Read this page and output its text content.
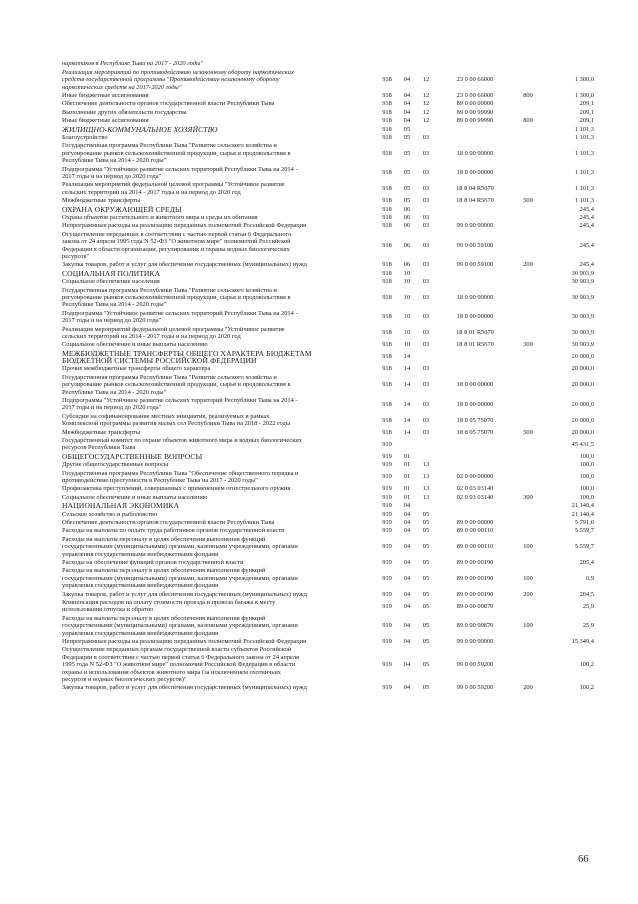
наркотиков в Республике Тыва на 2017 - 2020 годы"
Реализация мероприятий по противодействию незаконному обороту наркотических
средств государственной программы "Противодействие незаконному обороту
наркотических средств на 2017-2020 годы"
918	04	12	23 0 00 66000	1 300,0
Иные бюджетные ассигнования	918	04	12	23 0 00 66000	800	1 300,0
Обеспечение деятельности органов государственной власти Республики Тыва	918	04	12	89 0 00 00000	209,1
Выполнение других обязательств государства	918	04	12	89 0 00 99990	209,1
Иные бюджетные ассигнования	918	04	12	89 0 00 99990	800	209,1
ЖИЛИЩНО-КОММУНАЛЬНОЕ ХОЗЯЙСТВО	918	05	1 101,3
Благоустройство	918	05	03	1 101,3
Государственная программа Республики Тыва "Развитие сельского хозяйства и
регулирование рынков сельскохозяйственной продукции, сырья и продовольствия в
Республике Тыва на 2014 - 2020 годы"
918	05	03	18 0 00 00000	1 101,3
Подпрограмма "Устойчивое развитие сельских территорий Республики Тыва на 2014 -
2017 годы и на период до 2020 года"
918	05	03	18 8 00 00000	1 101,3
Реализация мероприятий федеральной целевой программы "Устойчивое развитие
сельских территорий на 2014 - 2017 годы и на период до 2020 год
918	05	03	18 8 04 R5670	1 101,3
Межбюджетные трансферты	918	05	03	18 8 04 R5670	500	1 101,3
ОХРАНА ОКРУЖАЮЩЕЙ СРЕДЫ	918	06	245,4
Охрана объектов растительного и животного мира и среды их обитания	918	06	03	245,4
Непрограммные расходы на реализацию переданных полномочий Российской Федерации	918	06	03	99 0 00 00000	245,4
Осуществление переданных в соответствии с частью первой статьи 6 Федерального
закона от 24 апреля 1995 года N 52-ФЗ "О животном мире" полномочий Российской
Федерации в области организации, регулирования и охраны водных биологических
ресурсов"
918	06	03	99 0 00 59100	245,4
Закупка товаров, работ и услуг для обеспечения государственных (муниципальных) нужд	918	06	03	99 0 00 59100	200	245,4
СОЦИАЛЬНАЯ ПОЛИТИКА	918	10	30 903,9
Социальное обеспечение населения	918	10	03	30 903,9
Государственная программа Республики Тыва "Развитие сельского хозяйства и
регулирование рынков сельскохозяйственной продукции, сырья и продовольствия в
Республике Тыва на 2014 - 2020 годы"
918	10	03	18 0 00 00000	30 903,9
Подпрограмма "Устойчивое развитие сельских территорий Республики Тыва на 2014 -
2017 годы и на период до 2020 года"
918	10	03	18 8 00 00000	30 903,9
Реализация мероприятий федеральной целевой программы "Устойчивое развитие
сельских территорий на 2014 - 2017 годы и на период до 2020 год
918	10	03	18 8 01 R5670	30 903,9
Социальное обеспечение и иные выплаты населению	918	10	03	18 8 01 R5670	300	30 903,9
МЕЖБЮДЖЕТНЫЕ ТРАНСФЕРТЫ ОБЩЕГО ХАРАКТЕРА БЮДЖЕТАМ
БЮДЖЕТНОЙ СИСТЕМЫ РОССИЙСКОЙ ФЕДЕРАЦИИ	918	14	20 000,0
Прочие межбюджетные трансферты общего характера	918	14	03	20 000,0
Государственная программа Республики Тыва "Развитие сельского хозяйства и
регулирование рынков сельскохозяйственной продукции, сырья и продовольствия в
Республике Тыва на 2014 - 2020 годы"
918	14	03	18 0 00 00000	20 000,0
Подпрограмма "Устойчивое развитие сельских территорий Республики Тыва на 2014 -
2017 годы и на период до 2020 года"
918	14	03	18 8 00 00000	20 000,0
Субсидии на софинансирование местных инициатив, реализуемых в рамках
Комплексной программы развития малых сел Республики Тыва на 2018 - 2022 годы
918	14	03	18 8 05 75070	20 000,0
Межбюджетные трансферты	918	14	03	18 8 05 75070	500	20 000,0
Государственный комитет по охране объектов животного мира и водных биологических
ресурсов Республики Тыва
919	45 431,5
ОБЩЕГОСУДАРСТВЕННЫЕ ВОПРОСЫ	919	01	100,0
Другие общегосударственные вопросы	919	01	13	100,0
Государственная программа Республики Тыва "Обеспечение общественного порядка и
противодействие преступности в Республике Тыва на 2017 - 2020 годы"
919	01	13	02 0 00 00000	100,0
Профилактика преступлений, совершаемых с применением огнестрельного оружия	919	01	13	02 0 03 03140	100,0
Социальное обеспечение и иные выплаты населению	919	01	13	02 0 03 03140	300	100,0
НАЦИОНАЛЬНАЯ ЭКОНОМИКА	919	04	21 140,4
Сельское хозяйство и рыболовство	919	04	05	21 140,4
Обеспечение деятельности органов государственной власти Республики Тыва	919	04	05	89 0 00 00000	5 791,0
Расходы на выплаты по оплате труда работников органов государственной власти	919	04	05	89 0 00 00110	5 559,7
Расходы на выплаты персоналу в целях обеспечения выполнения функций
государственными (муниципальными) органами, казенными учреждениями, органами
управления государственными внебюджетными фондами
919	04	05	89 0 00 00110	100	5 559,7
Расходы на обеспечение функций органов государственной власти	919	04	05	89 0 00 00190	205,4
Расходы на выплаты персоналу в целях обеспечения выполнения функций
государственными (муниципальными) органами, казенными учреждениями, органами
управления государственными внебюджетными фондами
919	04	05	89 0 00 00190	100	0,9
Закупка товаров, работ и услуг для обеспечения государственных (муниципальных) нужд	919	04	05	89 0 00 00190	200	204,5
Компенсация расходов на оплату стоимости проезда и провоза багажа к месту
использования отпуска и обратно
919	04	05	89 0 00 00870	25,9
Расходы на выплаты персоналу в целях обеспечения выполнения функций
государственными (муниципальными) органами, казенными учреждениями, органами
управления государственными внебюджетными фондами
919	04	05	89 0 00 00870	100	25,9
Непрограммные расходы на реализацию переданных полномочий Российской Федерации	919	04	05	99 0 00 00000	15 349,4
Осуществление переданных органам государственной власти субъектов Российской
Федерации в соответствии с частью первой статьи 6 Федерального закона от 24 апреля
1995 года N 52-ФЗ "О животном мире" полномочий Российской Федерации в области
охраны и использования объектов животного мира (за исключением охотничьих
ресурсов и водных биологических ресурсов)"
919	04	05	99 0 00 59200	100,2
Закупка товаров, работ и услуг для обеспечения государственных (муниципальных) нужд	919	04	05	99 0 00 59200	200	100,2
66
